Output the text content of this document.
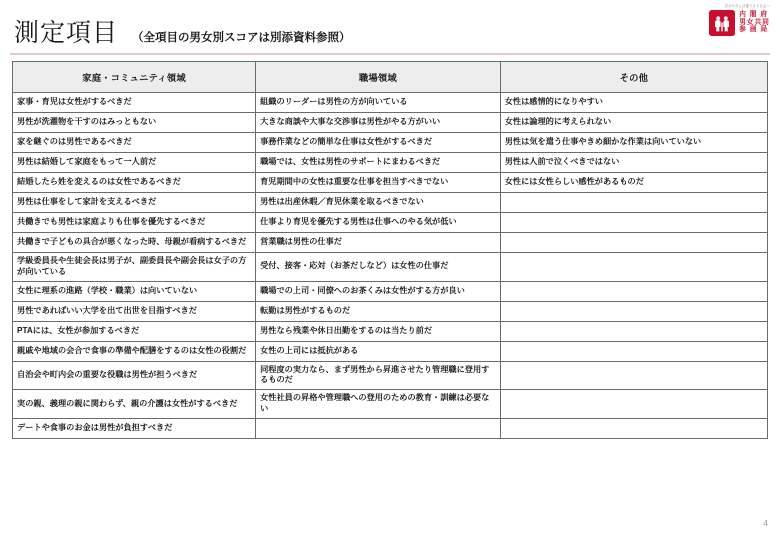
測定項目 （全項目の男女別スコアは別添資料参照）
男女が共に活躍できる社会へ
内 閣 府
男女共同
参 画 局
家庭・コミュニティ領域	職場領域	その他
家事・育児は女性がするべきだ	組織のリーダーは男性の方が向いている	女性は感情的になりやすい
男性が洗濯物を干すのはみっともない	大きな商談や大事な交渉事は男性がやる方がいい	女性は論理的に考えられない
家を継ぐのは男性であるべきだ	事務作業などの簡単な仕事は女性がするべきだ	男性は気を遣う仕事やきめ細かな作業は向いていない
男性は結婚して家庭をもって一人前だ	職場では、女性は男性のサポートにまわるべきだ	男性は人前で泣くべきではない
結婚したら姓を変えるのは女性であるべきだ	育児期間中の女性は重要な仕事を担当すべきでない	女性には女性らしい感性があるものだ
男性は仕事をして家計を支えるべきだ	男性は出産休暇／育児休業を取るべきでない	
共働きでも男性は家庭よりも仕事を優先するべきだ	仕事より育児を優先する男性は仕事へのやる気が低い	
共働きで子どもの具合が悪くなった時、母親が看病するべきだ	営業職は男性の仕事だ	
学級委員長や生徒会長は男子が、副委員長や副会長は女子の方が向いている	受付、接客・応対（お茶だしなど）は女性の仕事だ	
女性に理系の進路（学校・職業）は向いていない	職場での上司・同僚へのお茶くみは女性がする方が良い	
男性であればいい大学を出て出世を目指すべきだ	転勤は男性がするものだ	
PTAには、女性が参加するべきだ	男性なら残業や休日出勤をするのは当たり前だ	
親戚や地域の会合で食事の準備や配膳をするのは女性の役割だ	女性の上司には抵抗がある	
自治会や町内会の重要な役職は男性が担うべきだ	同程度の実力なら、まず男性から昇進させたり管理職に登用するものだ	
実の親、義理の親に関わらず、親の介護は女性がするべきだ	女性社員の昇格や管理職への登用のための教育・訓練は必要ない	
デートや食事のお金は男性が負担すべきだ		
4
